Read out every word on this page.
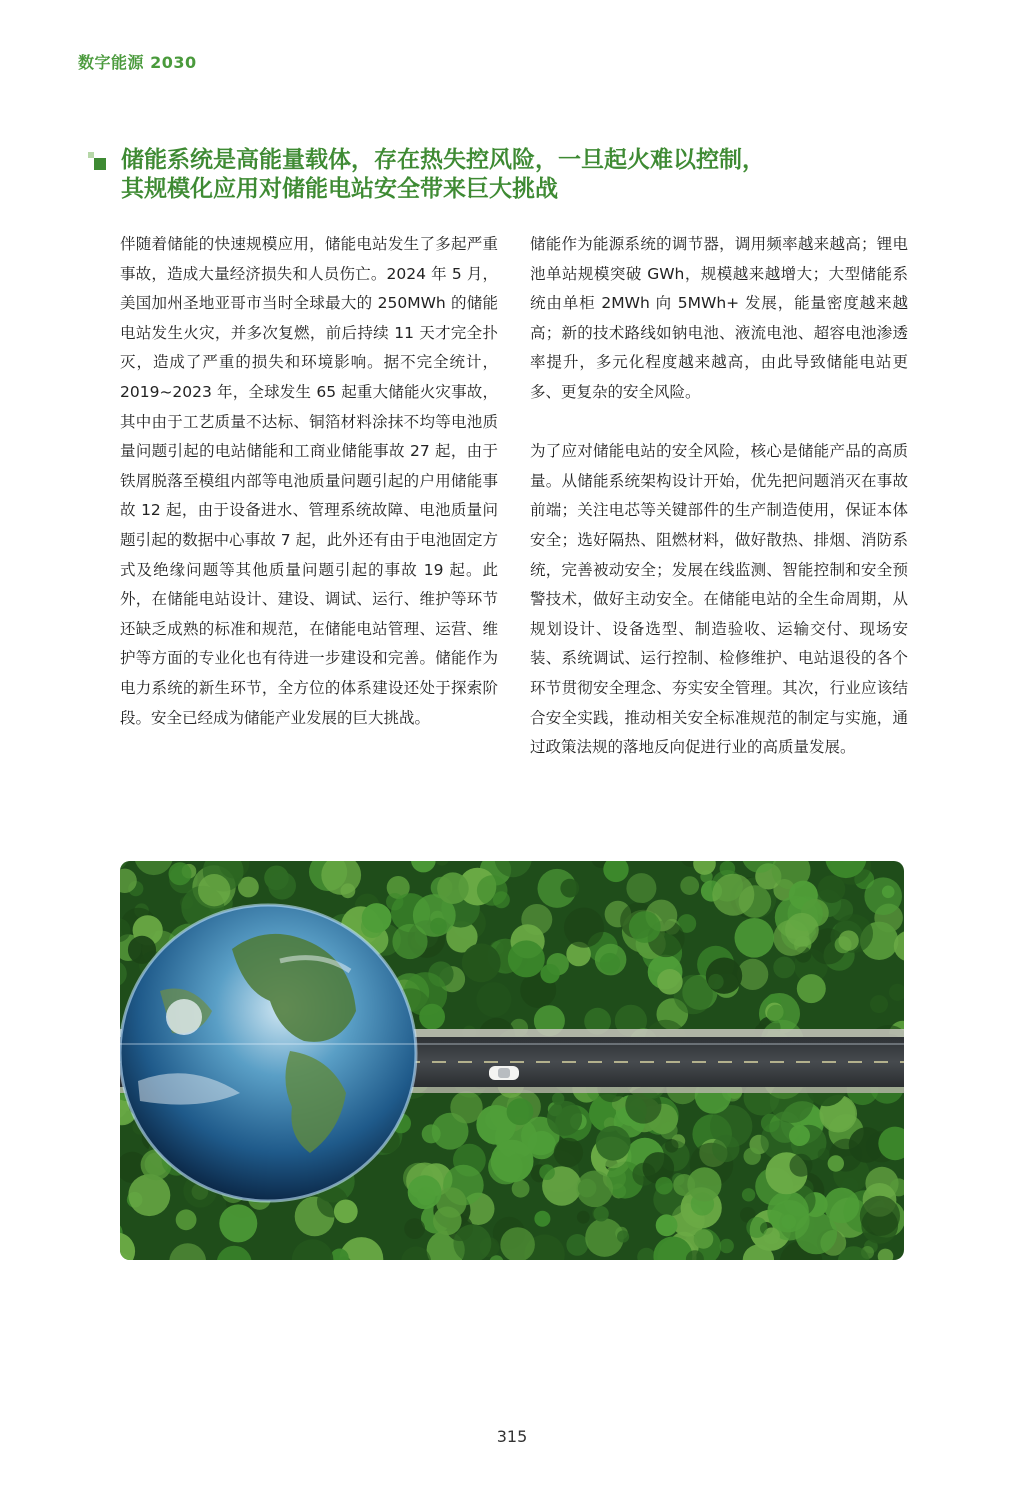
数字能源 2030
储能系统是高能量载体，存在热失控风险，一旦起火难以控制，
其规模化应用对储能电站安全带来巨大挑战

伴随着储能的快速规模应用，储能电站发生了多起严重事故，造成大量经济损失和人员伤亡。2024 年 5 月，美国加州圣地亚哥市当时全球最大的 250MWh 的储能电站发生火灾，并多次复燃，前后持续 11 天才完全扑灭，造成了严重的损失和环境影响。据不完全统计， 2019~2023 年，全球发生 65 起重大储能火灾事故，其中由于工艺质量不达标、铜箔材料涂抹不均等电池质量问题引起的电站储能和工商业储能事故 27 起，由于铁屑脱落至模组内部等电池质量问题引起的户用储能事故 12 起，由于设备进水、管理系统故障、电池质量问题引起的数据中心事故 7 起，此外还有由于电池固定方式及绝缘问题等其他质量问题引起的事故 19 起。此外，在储能电站设计、建设、调试、运行、维护等环节还缺乏成熟的标准和规范，在储能电站管理、运营、维护等方面的专业化也有待进一步建设和完善。储能作为电力系统的新生环节，全方位的体系建设还处于探索阶段。安全已经成为储能产业发展的巨大挑战。

储能作为能源系统的调节器，调用频率越来越高；锂电池单站规模突破 GWh，规模越来越增大；大型储能系统由单柜 2MWh 向 5MWh+ 发展，能量密度越来越高；新的技术路线如钠电池、液流电池、超容电池渗透率提升，多元化程度越来越高，由此导致储能电站更多、更复杂的安全风险。

为了应对储能电站的安全风险，核心是储能产品的高质量。从储能系统架构设计开始，优先把问题消灭在事故前端；关注电芯等关键部件的生产制造使用，保证本体安全；选好隔热、阻燃材料，做好散热、排烟、消防系统，完善被动安全；发展在线监测、智能控制和安全预警技术，做好主动安全。在储能电站的全生命周期，从规划设计、设备选型、制造验收、运输交付、现场安装、系统调试、运行控制、检修维护、电站退役的各个环节贯彻安全理念、夯实安全管理。其次，行业应该结合安全实践，推动相关安全标准规范的制定与实施，通过政策法规的落地反向促进行业的高质量发展。

315
